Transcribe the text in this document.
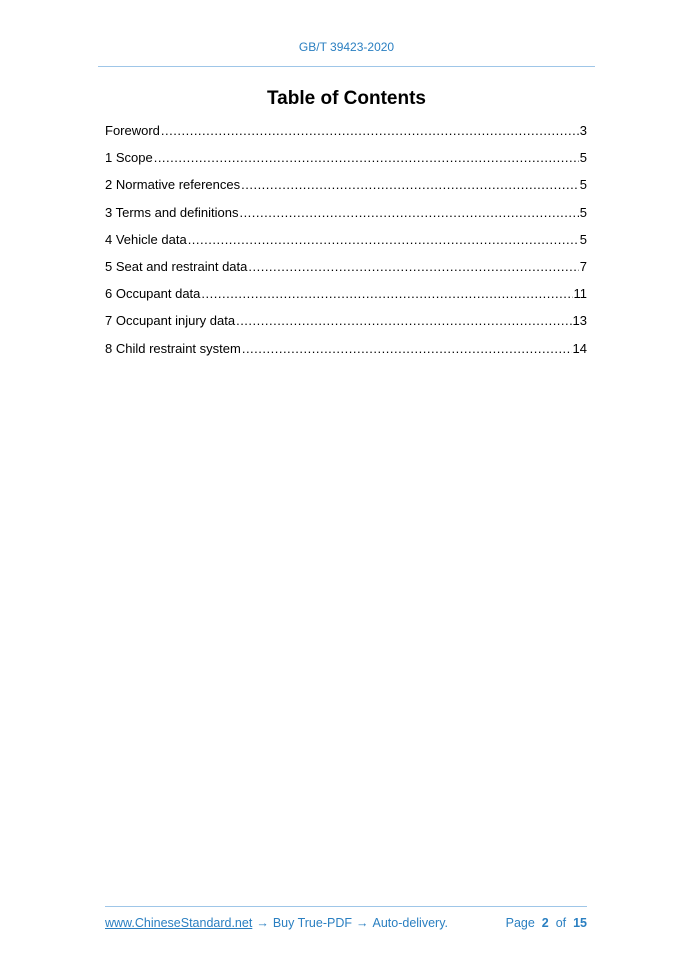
GB/T 39423-2020
Table of Contents
Foreword .....	3
1 Scope .....	5
2 Normative references .....	5
3 Terms and definitions .....	5
4 Vehicle data .....	5
5 Seat and restraint data .....	7
6 Occupant data .....	11
7 Occupant injury data .....	13
8 Child restraint system .....	14
www.ChineseStandard.net → Buy True-PDF → Auto-delivery.	Page 2 of 15
